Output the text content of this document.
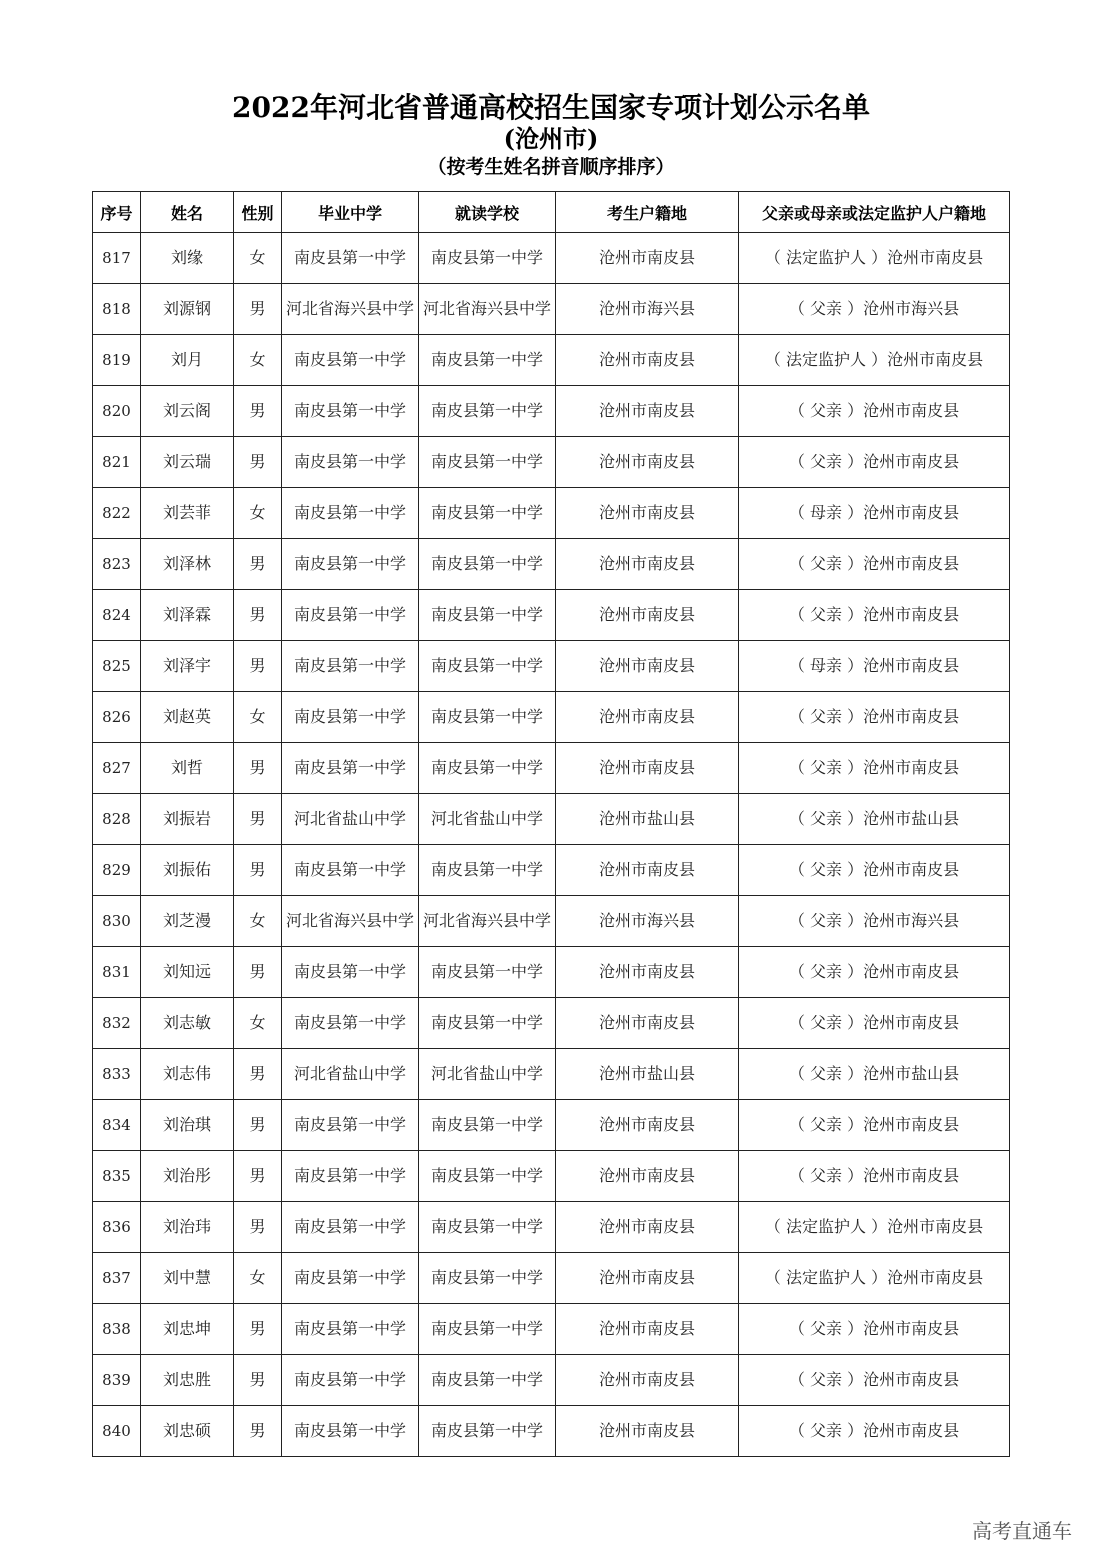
2022年河北省普通高校招生国家专项计划公示名单
(沧州市)
（按考生姓名拼音顺序排序）
序号	姓名	性别	毕业中学	就读学校	考生户籍地	父亲或母亲或法定监护人户籍地
817	刘缘	女	南皮县第一中学	南皮县第一中学	沧州市南皮县	（ 法定监护人 ）沧州市南皮县
818	刘源钢	男	河北省海兴县中学	河北省海兴县中学	沧州市海兴县	（ 父亲 ）沧州市海兴县
819	刘月	女	南皮县第一中学	南皮县第一中学	沧州市南皮县	（ 法定监护人 ）沧州市南皮县
820	刘云阁	男	南皮县第一中学	南皮县第一中学	沧州市南皮县	（ 父亲 ）沧州市南皮县
821	刘云瑞	男	南皮县第一中学	南皮县第一中学	沧州市南皮县	（ 父亲 ）沧州市南皮县
822	刘芸菲	女	南皮县第一中学	南皮县第一中学	沧州市南皮县	（ 母亲 ）沧州市南皮县
823	刘泽林	男	南皮县第一中学	南皮县第一中学	沧州市南皮县	（ 父亲 ）沧州市南皮县
824	刘泽霖	男	南皮县第一中学	南皮县第一中学	沧州市南皮县	（ 父亲 ）沧州市南皮县
825	刘泽宇	男	南皮县第一中学	南皮县第一中学	沧州市南皮县	（ 母亲 ）沧州市南皮县
826	刘赵英	女	南皮县第一中学	南皮县第一中学	沧州市南皮县	（ 父亲 ）沧州市南皮县
827	刘哲	男	南皮县第一中学	南皮县第一中学	沧州市南皮县	（ 父亲 ）沧州市南皮县
828	刘振岩	男	河北省盐山中学	河北省盐山中学	沧州市盐山县	（ 父亲 ）沧州市盐山县
829	刘振佑	男	南皮县第一中学	南皮县第一中学	沧州市南皮县	（ 父亲 ）沧州市南皮县
830	刘芝漫	女	河北省海兴县中学	河北省海兴县中学	沧州市海兴县	（ 父亲 ）沧州市海兴县
831	刘知远	男	南皮县第一中学	南皮县第一中学	沧州市南皮县	（ 父亲 ）沧州市南皮县
832	刘志敏	女	南皮县第一中学	南皮县第一中学	沧州市南皮县	（ 父亲 ）沧州市南皮县
833	刘志伟	男	河北省盐山中学	河北省盐山中学	沧州市盐山县	（ 父亲 ）沧州市盐山县
834	刘治琪	男	南皮县第一中学	南皮县第一中学	沧州市南皮县	（ 父亲 ）沧州市南皮县
835	刘治彤	男	南皮县第一中学	南皮县第一中学	沧州市南皮县	（ 父亲 ）沧州市南皮县
836	刘治玮	男	南皮县第一中学	南皮县第一中学	沧州市南皮县	（ 法定监护人 ）沧州市南皮县
837	刘中慧	女	南皮县第一中学	南皮县第一中学	沧州市南皮县	（ 法定监护人 ）沧州市南皮县
838	刘忠坤	男	南皮县第一中学	南皮县第一中学	沧州市南皮县	（ 父亲 ）沧州市南皮县
839	刘忠胜	男	南皮县第一中学	南皮县第一中学	沧州市南皮县	（ 父亲 ）沧州市南皮县
840	刘忠硕	男	南皮县第一中学	南皮县第一中学	沧州市南皮县	（ 父亲 ）沧州市南皮县
高考直通车
